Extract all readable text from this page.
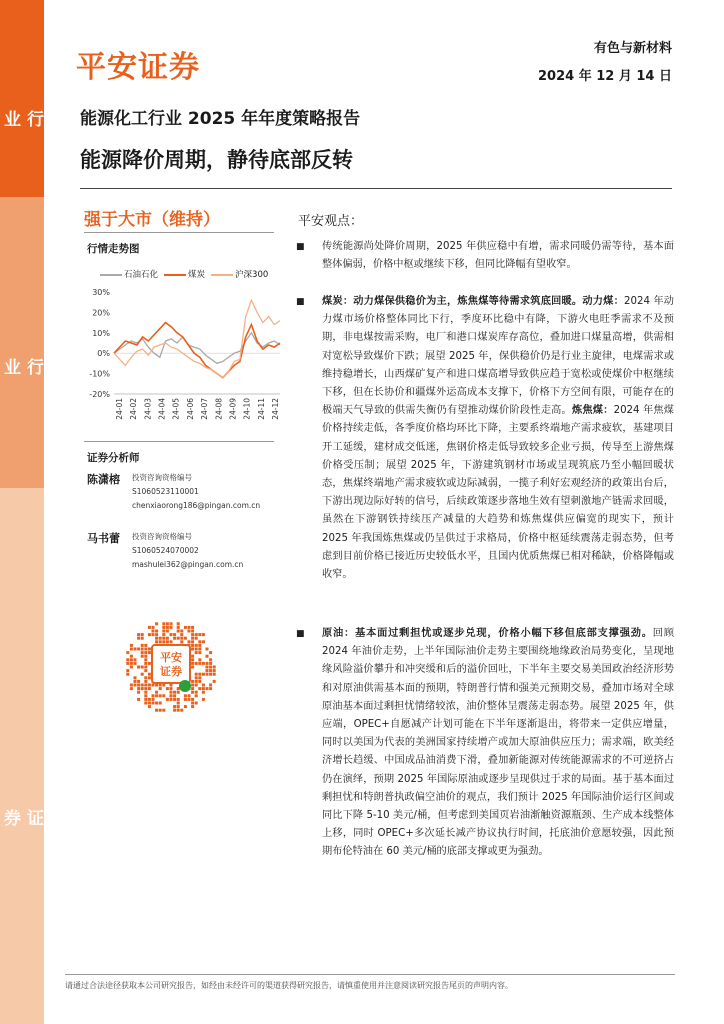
行
业
行
业
证
券
平安证券
有色与新材料
2024 年 12 月 14 日
能源化工行业 2025 年年度策略报告
能源降价周期，静待底部反转
强于大市（维持）
行情走势图
石油石化	煤炭	沪深300
30%
20%
10%
0%
-10%
-20%
24-01 24-02 24-03 24-04 24-05 24-06 24-07 24-08 24-09 24-10 24-11 24-12
证券分析师
陈潇榕 投资咨询资格编号
S1060523110001
chenxiaorong186@pingan.com.cn
马书蕾 投资咨询资格编号
S1060524070002
mashulei362@pingan.com.cn
平安
证券
平安观点：
■ 传统能源尚处降价周期，2025 年供应稳中有增，需求同暖仍需等待，基本面整体偏弱，价格中枢或继续下移，但同比降幅有望收窄。
■ 煤炭：动力煤保供稳价为主，炼焦煤等待需求筑底回暖。动力煤：2024 年动力煤市场价格整体同比下行，季度环比稳中有降，下游火电旺季需求不及预期，非电煤按需采购，电厂和港口煤炭库存高位，叠加进口煤量高增，供需相对宽松导致煤价下跌；展望 2025 年，保供稳价仍是行业主旋律，电煤需求或维持稳增长，山西煤矿复产和进口煤高增导致供应趋于宽松或使煤价中枢继续下移，但在长协价和疆煤外运高成本支撑下，价格下方空间有限，可能存在的极端天气导致的供需失衡仍有望推动煤价阶段性走高。炼焦煤：2024 年焦煤价格持续走低，各季度价格均环比下降，主要系终端地产需求疲软，基建项目开工延缓，建材成交低迷，焦钢价格走低导致较多企业亏损，传导至上游焦煤价格受压制；展望 2025 年，下游建筑钢材市场或呈现筑底乃至小幅回暖状态，焦煤终端地产需求疲软或边际减弱，一揽子利好宏观经济的政策出台后，下游出现边际好转的信号，后续政策逐步落地生效有望刺激地产链需求回暖，虽然在下游钢铁持续压产减量的大趋势和炼焦煤供应偏宽的现实下，预计 2025 年我国炼焦煤或仍呈供过于求格局，价格中枢延续震荡走弱态势，但考虑到目前价格已接近历史较低水平，且国内优质焦煤已相对稀缺，价格降幅或收窄。
■ 原油：基本面过剩担忧或逐步兑现，价格小幅下移但底部支撑强劲。回顾 2024 年油价走势，上半年国际油价走势主要围绕地缘政治局势变化，呈现地缘风险溢价攀升和冲突缓和后的溢价回吐，下半年主要交易美国政治经济形势和对原油供需基本面的预期，特朗普行情和强美元预期交易，叠加市场对全球原油基本面过剩担忧情绪较浓，油价整体呈震荡走弱态势。展望 2025 年，供应端，OPEC+自愿减产计划可能在下半年逐渐退出，将带来一定供应增量，同时以美国为代表的美洲国家持续增产或加大原油供应压力；需求端，欧美经济增长趋缓、中国成品油消费下滑，叠加新能源对传统能源需求的不可逆挤占仍在演绎，预期 2025 年国际原油或逐步呈现供过于求的局面。基于基本面过剩担忧和特朗普执政偏空油价的观点，我们预计 2025 年国际油价运行区间或同比下降 5-10 美元/桶，但考虑到美国页岩油渐触资源瓶颈、生产成本线整体上移，同时 OPEC+多次延长减产协议执行时间，托底油价意愿较强，因此预期布伦特油在 60 美元/桶的底部支撑或更为强劲。
请通过合法途径获取本公司研究报告，如经由未经许可的渠道获得研究报告，请慎重使用并注意阅读研究报告尾页的声明内容。
